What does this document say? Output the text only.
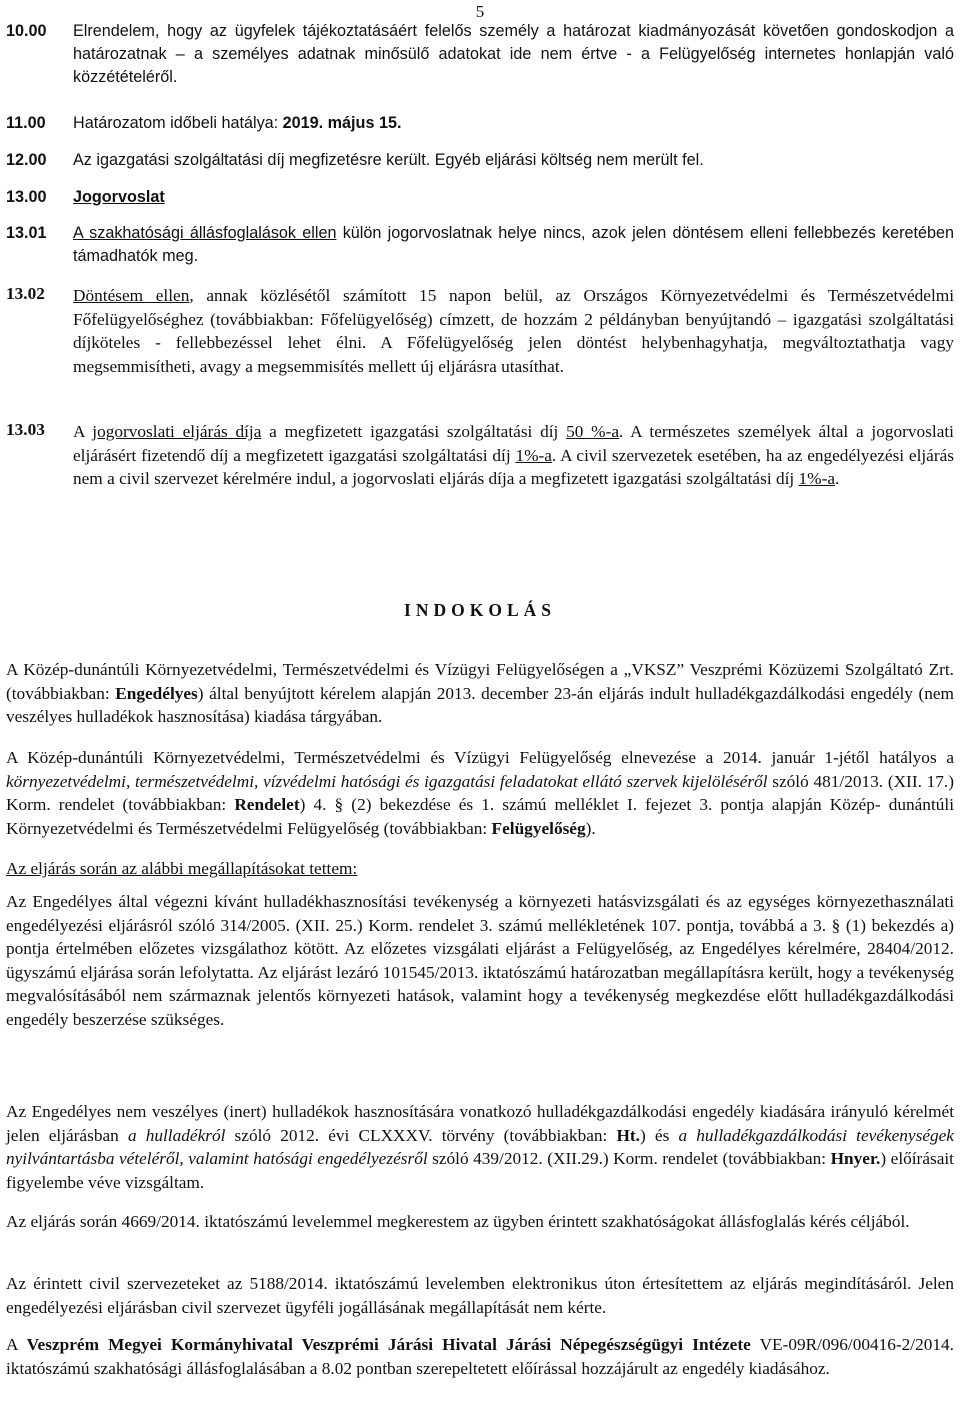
5
10.00	Elrendelem, hogy az ügyfelek tájékoztatásáért felelős személy a határozat kiadmányozását követően gondoskodjon a határozatnak – a személyes adatnak minősülő adatokat ide nem értve - a Felügyelőség internetes honlapján való közzétételéről.
11.00	Határozatom időbeli hatálya: 2019. május 15.
12.00	Az igazgatási szolgáltatási díj megfizetésre került. Egyéb eljárási költség nem merült fel.
13.00	Jogorvoslat
13.01	A szakhatósági állásfoglalások ellen külön jogorvoslatnak helye nincs, azok jelen döntésem elleni fellebbezés keretében támadhatók meg.
13.02	Döntésem ellen, annak közlésétől számított 15 napon belül, az Országos Környezetvédelmi és Természetvédelmi Főfelügyelőséghez (továbbiakban: Főfelügyelőség) címzett, de hozzám 2 példányban benyújtandó – igazgatási szolgáltatási díjköteles - fellebbezéssel lehet élni. A Főfelügyelőség jelen döntést helybenhagyhatja, megváltoztathatja vagy megsemmisítheti, avagy a megsemmisítés mellett új eljárásra utasíthat.
13.03	A jogorvoslati eljárás díja a megfizetett igazgatási szolgáltatási díj 50 %-a. A természetes személyek által a jogorvoslati eljárásért fizetendő díj a megfizetett igazgatási szolgáltatási díj 1%-a. A civil szervezetek esetében, ha az engedélyezési eljárás nem a civil szervezet kérelmére indul, a jogorvoslati eljárás díja a megfizetett igazgatási szolgáltatási díj 1%-a.
INDOKOLÁS
A Közép-dunántúli Környezetvédelmi, Természetvédelmi és Vízügyi Felügyelőségen a „VKSZ” Veszprémi Közüzemi Szolgáltató Zrt. (továbbiakban: Engedélyes) által benyújtott kérelem alapján 2013. december 23-án eljárás indult hulladékgazdálkodási engedély (nem veszélyes hulladékok hasznosítása) kiadása tárgyában.
A Közép-dunántúli Környezetvédelmi, Természetvédelmi és Vízügyi Felügyelőség elnevezése a 2014. január 1-jétől hatályos a környezetvédelmi, természetvédelmi, vízvédelmi hatósági és igazgatási feladatokat ellátó szervek kijelöléséről szóló 481/2013. (XII. 17.) Korm. rendelet (továbbiakban: Rendelet) 4. § (2) bekezdése és 1. számú melléklet I. fejezet 3. pontja alapján Közép- dunántúli Környezetvédelmi és Természetvédelmi Felügyelőség (továbbiakban: Felügyelőség).
Az eljárás során az alábbi megállapításokat tettem:
Az Engedélyes által végezni kívánt hulladékhasznosítási tevékenység a környezeti hatásvizsgálati és az egységes környezethasználati engedélyezési eljárásról szóló 314/2005. (XII. 25.) Korm. rendelet 3. számú mellékletének 107. pontja, továbbá a 3. § (1) bekezdés a) pontja értelmében előzetes vizsgálathoz kötött. Az előzetes vizsgálati eljárást a Felügyelőség, az Engedélyes kérelmére, 28404/2012. ügyszámú eljárása során lefolytatta. Az eljárást lezáró 101545/2013. iktatószámú határozatban megállapításra került, hogy a tevékenység megvalósításából nem származnak jelentős környezeti hatások, valamint hogy a tevékenység megkezdése előtt hulladékgazdálkodási engedély beszerzése szükséges.
Az Engedélyes nem veszélyes (inert) hulladékok hasznosítására vonatkozó hulladékgazdálkodási engedély kiadására irányuló kérelmét jelen eljárásban a hulladékról szóló 2012. évi CLXXXV. törvény (továbbiakban: Ht.) és a hulladékgazdálkodási tevékenységek nyilvántartásba vételéről, valamint hatósági engedélyezésről szóló 439/2012. (XII.29.) Korm. rendelet (továbbiakban: Hnyer.) előírásait figyelembe véve vizsgáltam.
Az eljárás során 4669/2014. iktatószámú levelemmel megkerestem az ügyben érintett szakhatóságokat állásfoglalás kérés céljából.
Az érintett civil szervezeteket az 5188/2014. iktatószámú levelemben elektronikus úton értesítettem az eljárás megindításáról. Jelen engedélyezési eljárásban civil szervezet ügyféli jogállásának megállapítását nem kérte.
A Veszprém Megyei Kormányhivatal Veszprémi Járási Hivatal Járási Népegészségügyi Intézete VE-09R/096/00416-2/2014. iktatószámú szakhatósági állásfoglalásában a 8.02 pontban szerepeltetett előírással hozzájárult az engedély kiadásához.
